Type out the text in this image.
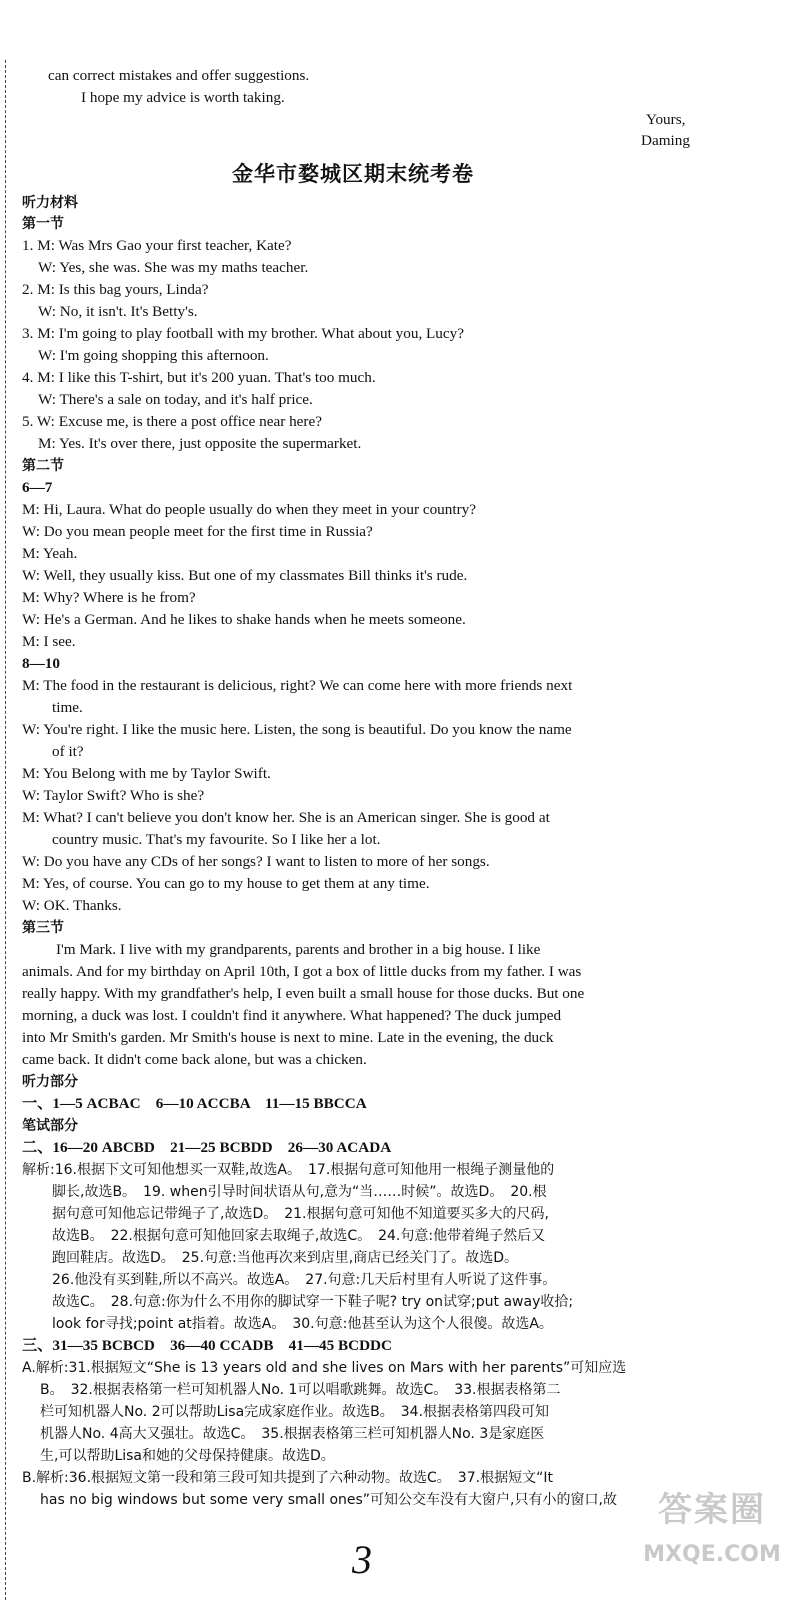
can correct mistakes and offer suggestions.
I hope my advice is worth taking.
Yours,
Daming
金华市婺城区期末统考卷
听力材料
第一节
1. M: Was Mrs Gao your first teacher, Kate?
W: Yes, she was. She was my maths teacher.
2. M: Is this bag yours, Linda?
W: No, it isn't. It's Betty's.
3. M: I'm going to play football with my brother. What about you, Lucy?
W: I'm going shopping this afternoon.
4. M: I like this T-shirt, but it's 200 yuan. That's too much.
W: There's a sale on today, and it's half price.
5. W: Excuse me, is there a post office near here?
M: Yes. It's over there, just opposite the supermarket.
第二节
6—7
M: Hi, Laura. What do people usually do when they meet in your country?
W: Do you mean people meet for the first time in Russia?
M: Yeah.
W: Well, they usually kiss. But one of my classmates Bill thinks it's rude.
M: Why? Where is he from?
W: He's a German. And he likes to shake hands when he meets someone.
M: I see.
8—10
M: The food in the restaurant is delicious, right? We can come here with more friends next
time.
W: You're right. I like the music here. Listen, the song is beautiful. Do you know the name
of it?
M: You Belong with me by Taylor Swift.
W: Taylor Swift? Who is she?
M: What? I can't believe you don't know her. She is an American singer. She is good at
country music. That's my favourite. So I like her a lot.
W: Do you have any CDs of her songs? I want to listen to more of her songs.
M: Yes, of course. You can go to my house to get them at any time.
W: OK. Thanks.
第三节
I'm Mark. I live with my grandparents, parents and brother in a big house. I like
animals. And for my birthday on April 10th, I got a box of little ducks from my father. I was
really happy. With my grandfather's help, I even built a small house for those ducks. But one
morning, a duck was lost. I couldn't find it anywhere. What happened? The duck jumped
into Mr Smith's garden. Mr Smith's house is next to mine. Late in the evening, the duck
came back. It didn't come back alone, but was a chicken.
听力部分
一、1—5 ACBAC　6—10 ACCBA　11—15 BBCCA
笔试部分
二、16—20 ABCBD　21—25 BCBDD　26—30 ACADA
解析:16.根据下文可知他想买一双鞋,故选A。　17.根据句意可知他用一根绳子测量他的
脚长,故选B。　19. when引导时间状语从句,意为“当……时候”。故选D。　20.根
据句意可知他忘记带绳子了,故选D。　21.根据句意可知他不知道要买多大的尺码,
故选B。　22.根据句意可知他回家去取绳子,故选C。　24.句意:他带着绳子然后又
跑回鞋店。故选D。　25.句意:当他再次来到店里,商店已经关门了。故选D。
26.他没有买到鞋,所以不高兴。故选A。　27.句意:几天后村里有人听说了这件事。
故选C。　28.句意:你为什么不用你的脚试穿一下鞋子呢? try on试穿;put away收拾;
look for寻找;point at指着。故选A。　30.句意:他甚至认为这个人很傻。故选A。
三、31—35 BCBCD　36—40 CCADB　41—45 BCDDC
A.解析:31.根据短文“She is 13 years old and she lives on Mars with her parents”可知应选
B。　32.根据表格第一栏可知机器人No. 1可以唱歌跳舞。故选C。　33.根据表格第二
栏可知机器人No. 2可以帮助Lisa完成家庭作业。故选B。　34.根据表格第四段可知
机器人No. 4高大又强壮。故选C。　35.根据表格第三栏可知机器人No. 3是家庭医
生,可以帮助Lisa和她的父母保持健康。故选D。
B.解析:36.根据短文第一段和第三段可知共提到了六种动物。故选C。　37.根据短文“It
has no big windows but some very small ones”可知公交车没有大窗户,只有小的窗口,故
3
答案圈
MXQE.COM
